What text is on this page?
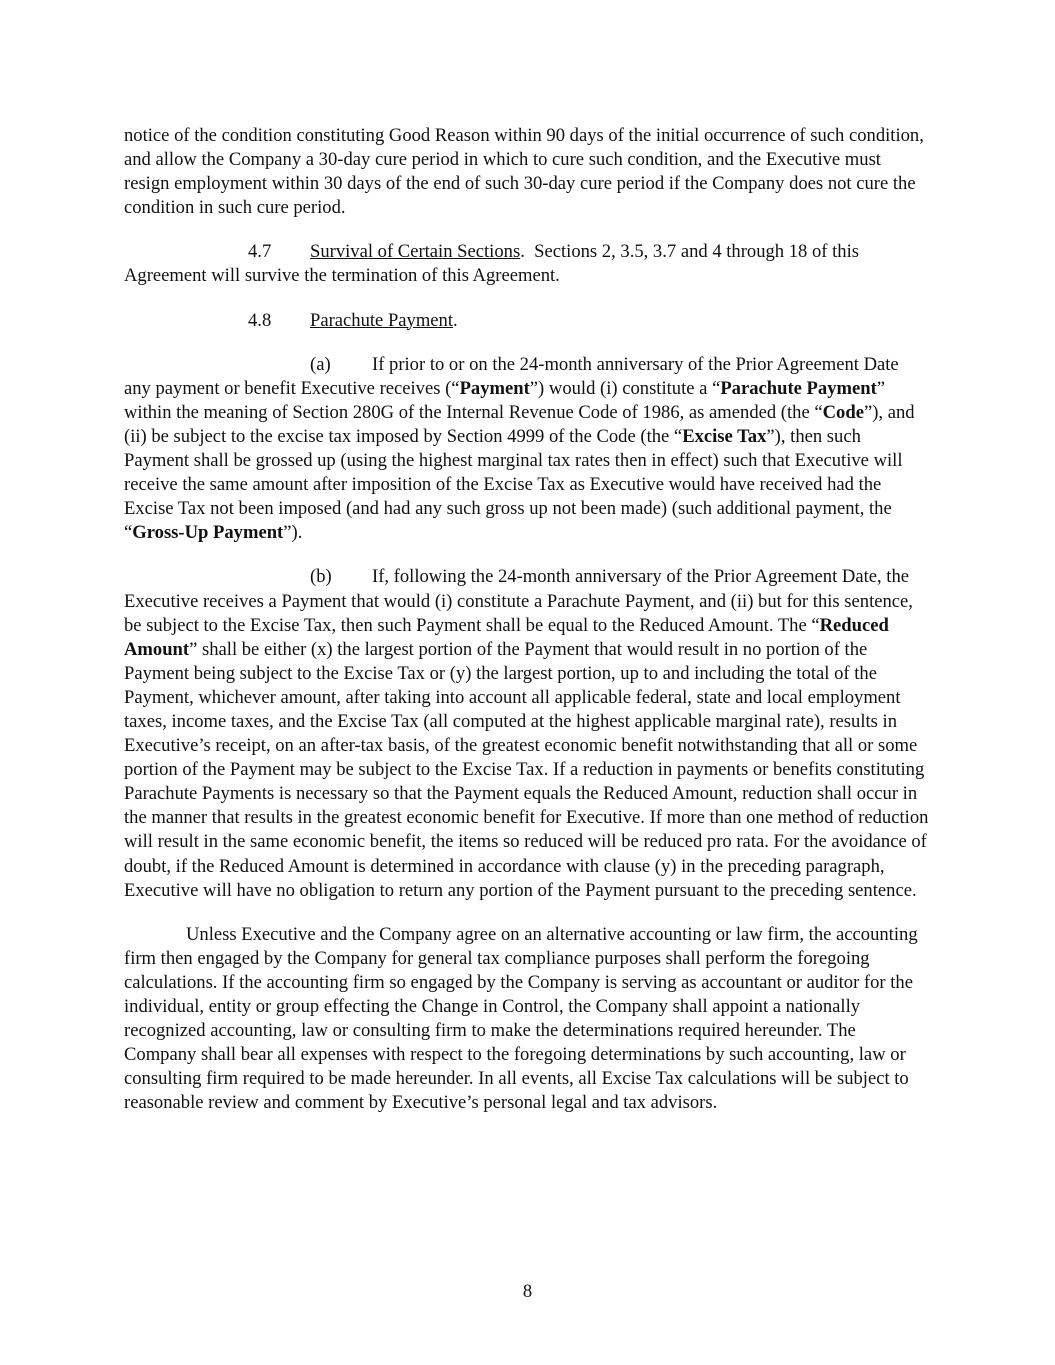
notice of the condition constituting Good Reason within 90 days of the initial occurrence of such condition, and allow the Company a 30-day cure period in which to cure such condition, and the Executive must resign employment within 30 days of the end of such 30-day cure period if the Company does not cure the condition in such cure period.

4.7 Survival of Certain Sections.  Sections 2, 3.5, 3.7 and 4 through 18 of this Agreement will survive the termination of this Agreement.

4.8 Parachute Payment.

(a) If prior to or on the 24-month anniversary of the Prior Agreement Date any payment or benefit Executive receives (“Payment”) would (i) constitute a “Parachute Payment” within the meaning of Section 280G of the Internal Revenue Code of 1986, as amended (the “Code”), and (ii) be subject to the excise tax imposed by Section 4999 of the Code (the “Excise Tax”), then such Payment shall be grossed up (using the highest marginal tax rates then in effect) such that Executive will receive the same amount after imposition of the Excise Tax as Executive would have received had the Excise Tax not been imposed (and had any such gross up not been made) (such additional payment, the “Gross-Up Payment”).

(b) If, following the 24-month anniversary of the Prior Agreement Date, the Executive receives a Payment that would (i) constitute a Parachute Payment, and (ii) but for this sentence, be subject to the Excise Tax, then such Payment shall be equal to the Reduced Amount. The “Reduced Amount” shall be either (x) the largest portion of the Payment that would result in no portion of the Payment being subject to the Excise Tax or (y) the largest portion, up to and including the total of the Payment, whichever amount, after taking into account all applicable federal, state and local employment taxes, income taxes, and the Excise Tax (all computed at the highest applicable marginal rate), results in Executive’s receipt, on an after-tax basis, of the greatest economic benefit notwithstanding that all or some portion of the Payment may be subject to the Excise Tax. If a reduction in payments or benefits constituting Parachute Payments is necessary so that the Payment equals the Reduced Amount, reduction shall occur in the manner that results in the greatest economic benefit for Executive. If more than one method of reduction will result in the same economic benefit, the items so reduced will be reduced pro rata. For the avoidance of doubt, if the Reduced Amount is determined in accordance with clause (y) in the preceding paragraph, Executive will have no obligation to return any portion of the Payment pursuant to the preceding sentence.

Unless Executive and the Company agree on an alternative accounting or law firm, the accounting firm then engaged by the Company for general tax compliance purposes shall perform the foregoing calculations. If the accounting firm so engaged by the Company is serving as accountant or auditor for the individual, entity or group effecting the Change in Control, the Company shall appoint a nationally recognized accounting, law or consulting firm to make the determinations required hereunder. The Company shall bear all expenses with respect to the foregoing determinations by such accounting, law or consulting firm required to be made hereunder. In all events, all Excise Tax calculations will be subject to reasonable review and comment by Executive’s personal legal and tax advisors.

8
